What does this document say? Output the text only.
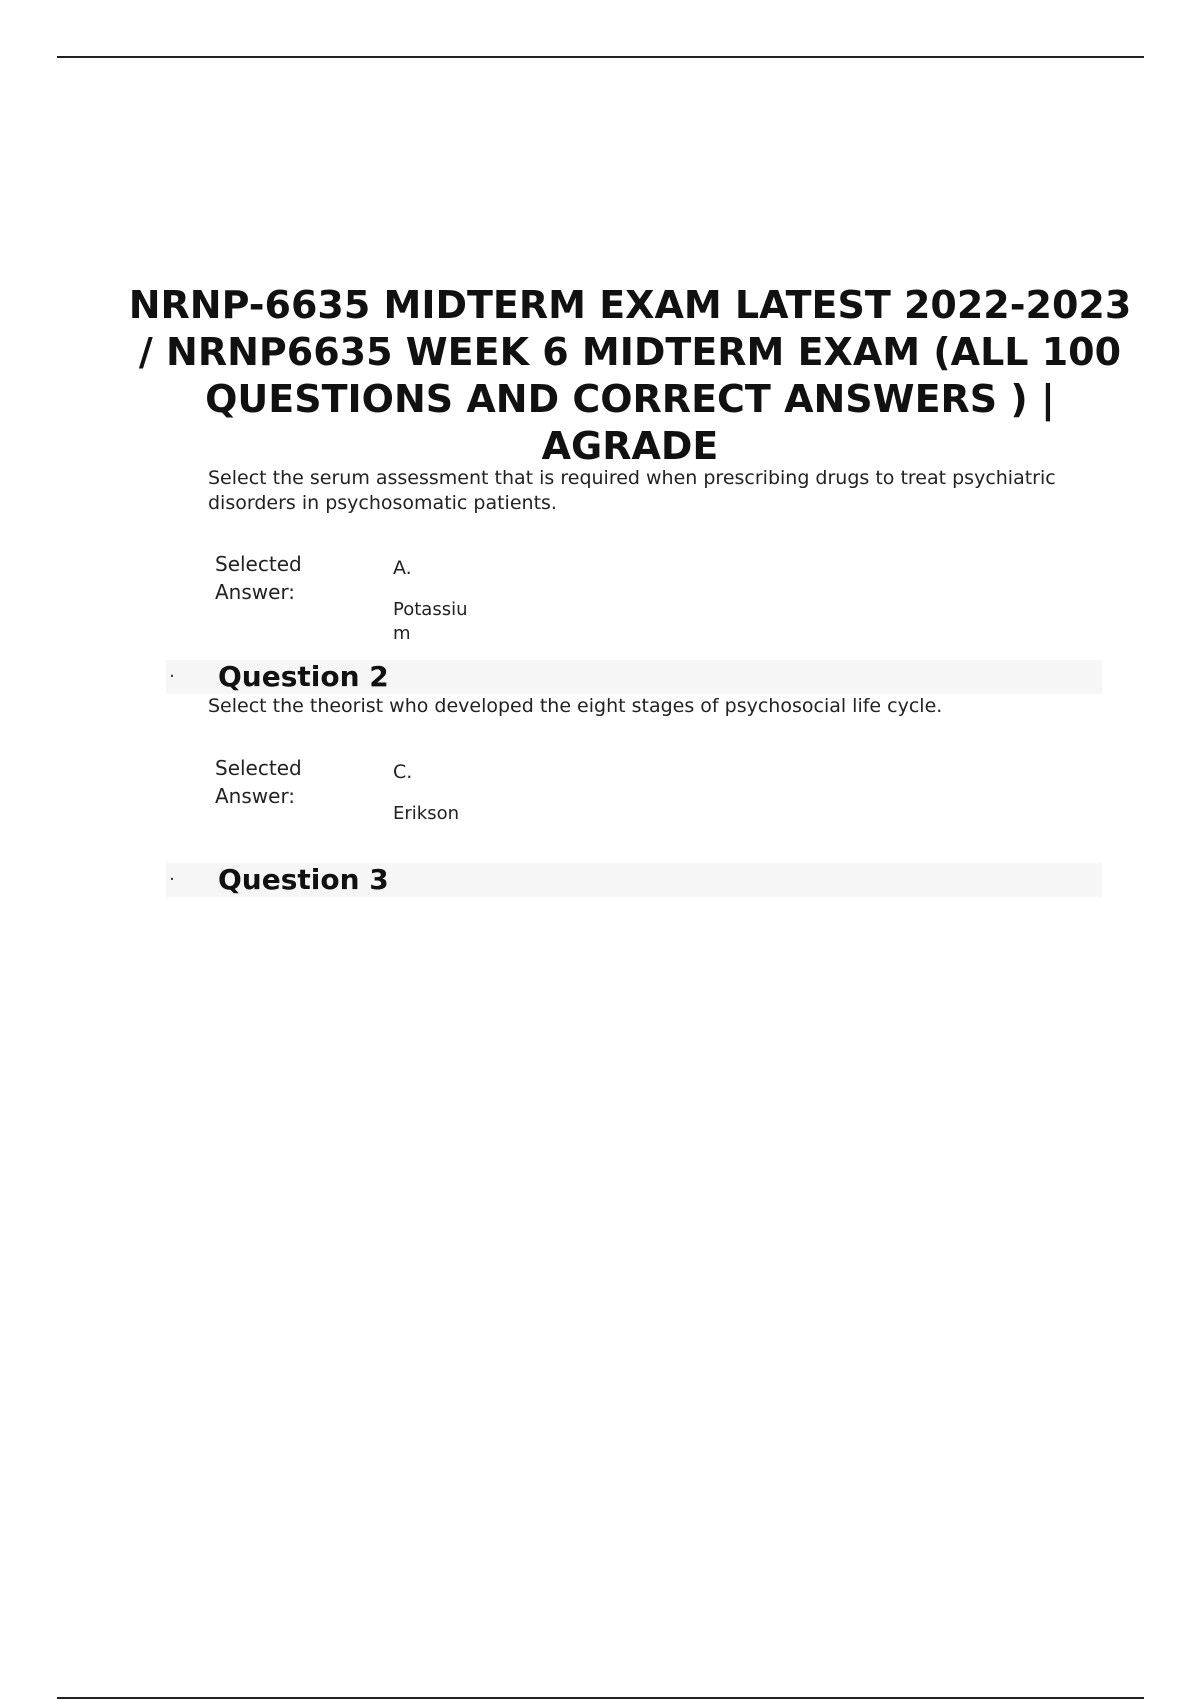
NRNP-6635 MIDTERM EXAM LATEST 2022-2023 / NRNP6635 WEEK 6 MIDTERM EXAM (ALL 100 QUESTIONS AND CORRECT ANSWERS ) | AGRADE

Select the serum assessment that is required when prescribing drugs to treat psychiatric disorders in psychosomatic patients.

Selected Answer:
A.
Potassium
· Question 2

Select the theorist who developed the eight stages of psychosocial life cycle.

Selected Answer:
C.
Erikson
· Question 3
